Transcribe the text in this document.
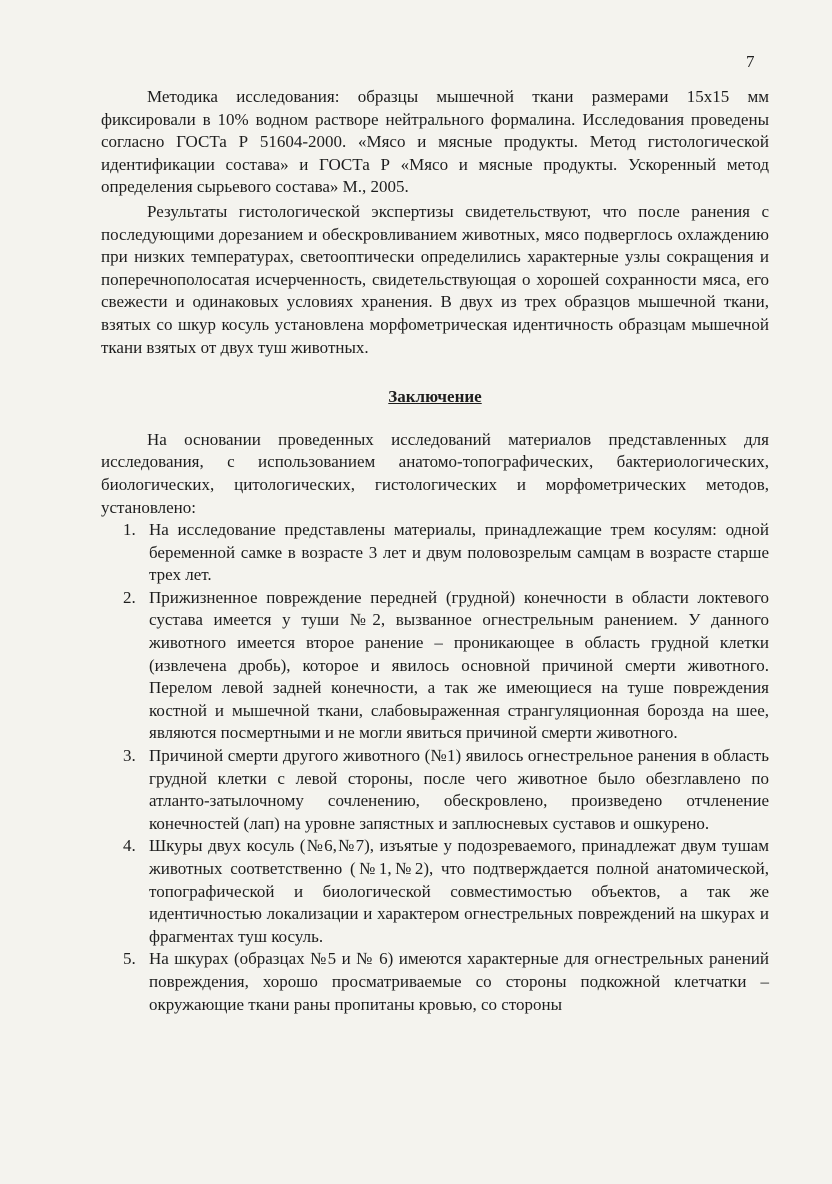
7

Методика исследования: образцы мышечной ткани размерами 15х15 мм фиксировали в 10% водном растворе нейтрального формалина. Исследования проведены согласно ГОСТа Р 51604-2000. «Мясо и мясные продукты. Метод гистологической идентификации состава» и ГОСТа Р «Мясо и мясные продукты. Ускоренный метод определения сырьевого состава» М., 2005.

Результаты гистологической экспертизы свидетельствуют, что после ранения с последующими дорезанием и обескровливанием животных, мясо подверглось охлаждению при низких температурах, светооптически определились характерные узлы сокращения и поперечнополосатая исчерченность, свидетельствующая о хорошей сохранности мяса, его свежести и одинаковых условиях хранения. В двух из трех образцов мышечной ткани, взятых со шкур косуль установлена морфометрическая идентичность образцам мышечной ткани взятых от двух туш животных.

Заключение

На основании проведенных исследований материалов представленных для исследования, с использованием анатомо-топографических, бактериологических, биологических, цитологических, гистологических и морфометрических методов, установлено:

1. На исследование представлены материалы, принадлежащие трем косулям: одной беременной самке в возрасте 3 лет и двум половозрелым самцам в возрасте старше трех лет.
2. Прижизненное повреждение передней (грудной) конечности в области локтевого сустава имеется у туши №2, вызванное огнестрельным ранением. У данного животного имеется второе ранение – проникающее в область грудной клетки (извлечена дробь), которое и явилось основной причиной смерти животного. Перелом левой задней конечности, а так же имеющиеся на туше повреждения костной и мышечной ткани, слабовыраженная странгуляционная борозда на шее, являются посмертными и не могли явиться причиной смерти животного.
3. Причиной смерти другого животного (№1) явилось огнестрельное ранения в область грудной клетки с левой стороны, после чего животное было обезглавлено по атланто-затылочному сочленению, обескровлено, произведено отчленение конечностей (лап) на уровне запястных и заплюсневых суставов и ошкурено.
4. Шкуры двух косуль (№6,№7), изъятые у подозреваемого, принадлежат двум тушам животных соответственно (№1,№2), что подтверждается полной анатомической, топографической и биологической совместимостью объектов, а так же идентичностью локализации и характером огнестрельных повреждений на шкурах и фрагментах туш косуль.
5. На шкурах (образцах №5 и № 6) имеются характерные для огнестрельных ранений повреждения, хорошо просматриваемые со стороны подкожной клетчатки – окружающие ткани раны пропитаны кровью, со стороны
